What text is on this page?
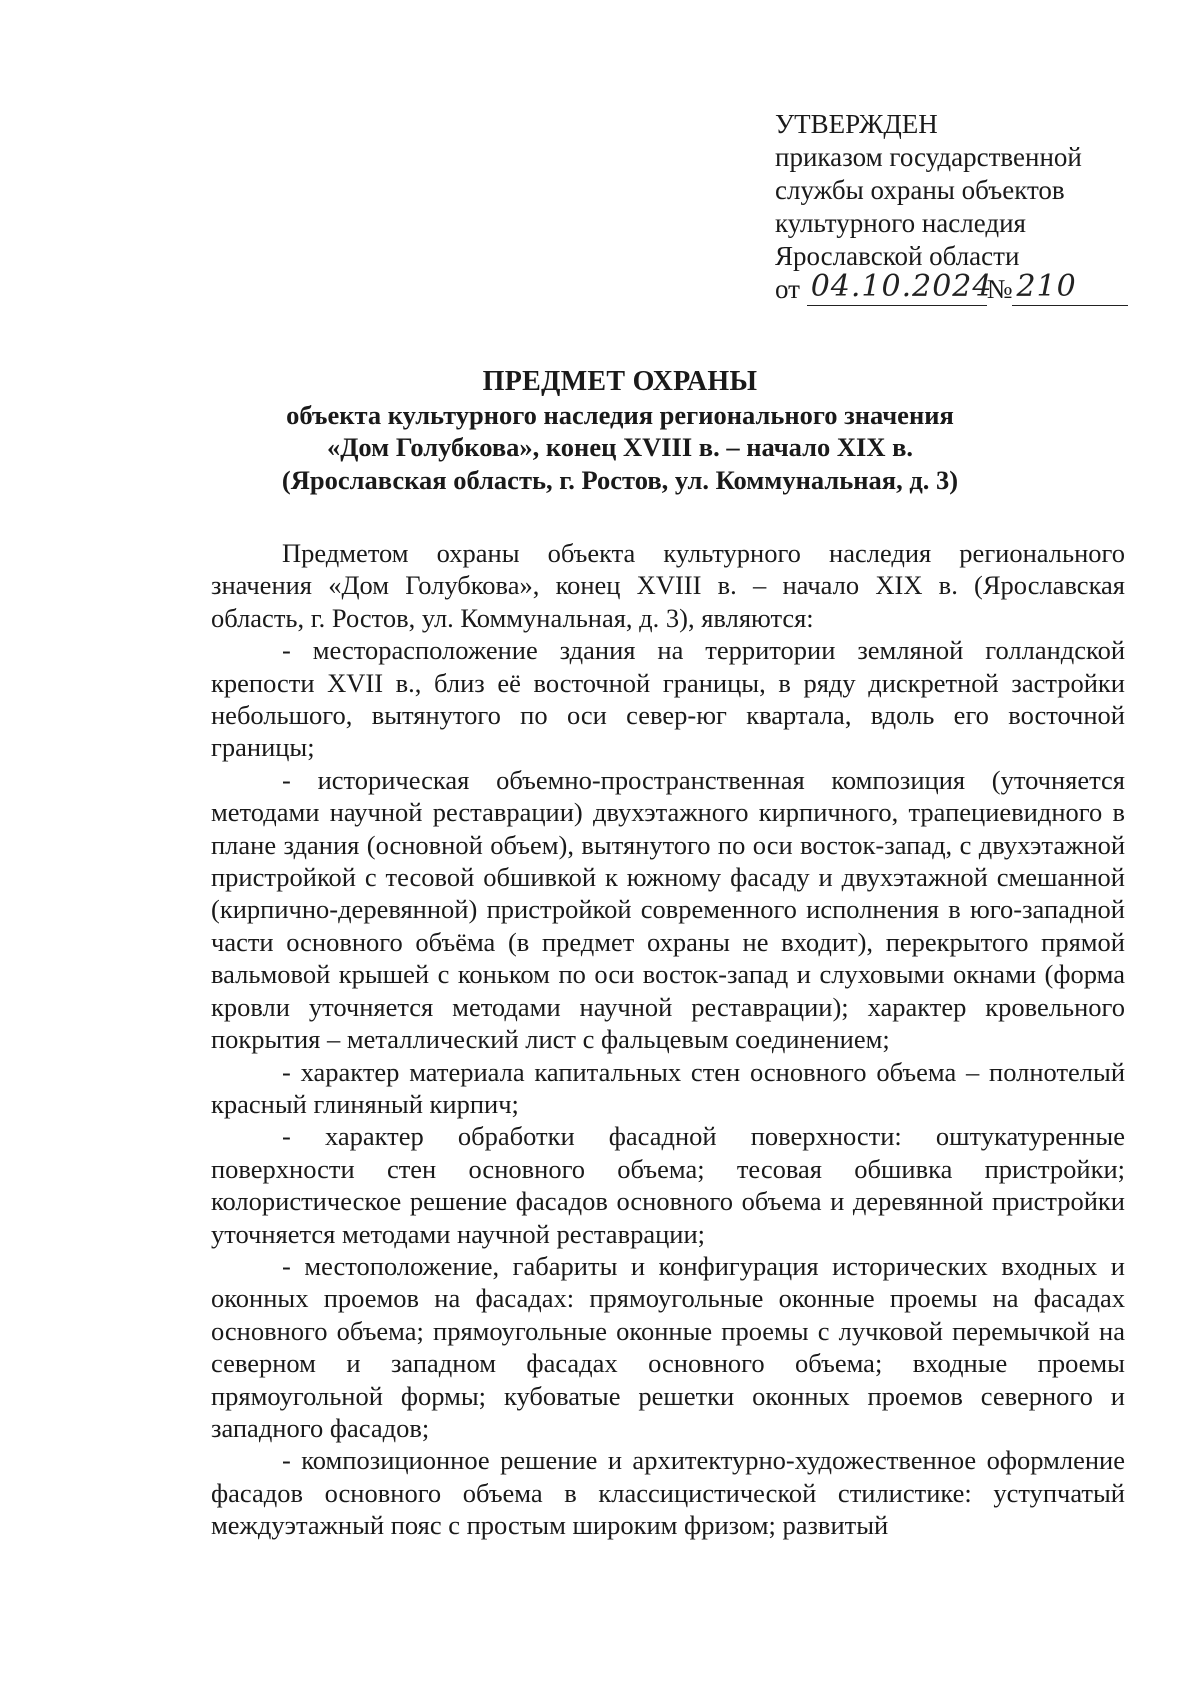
УТВЕРЖДЕН
приказом государственной
службы охраны объектов
культурного наследия
Ярославской области
от 04.10.2024
№ 210
ПРЕДМЕТ ОХРАНЫ
объекта культурного наследия регионального значения
«Дом Голубкова», конец XVIII в. – начало XIX в.
(Ярославская область, г. Ростов, ул. Коммунальная, д. 3)

Предметом охраны объекта культурного наследия регионального значения «Дом Голубкова», конец XVIII в. – начало XIX в. (Ярославская область, г. Ростов, ул. Коммунальная, д. 3), являются:

- месторасположение здания на территории земляной голландской крепости XVII в., близ её восточной границы, в ряду дискретной застройки небольшого, вытянутого по оси север-юг квартала, вдоль его восточной границы;

- историческая объемно-пространственная композиция (уточняется методами научной реставрации) двухэтажного кирпичного, трапециевидного в плане здания (основной объем), вытянутого по оси восток-запад, с двухэтажной пристройкой с тесовой обшивкой к южному фасаду и двухэтажной смешанной (кирпично-деревянной) пристройкой современного исполнения в юго-западной части основного объёма (в предмет охраны не входит), перекрытого прямой вальмовой крышей с коньком по оси восток-запад и слуховыми окнами (форма кровли уточняется методами научной реставрации); характер кровельного покрытия – металлический лист с фальцевым соединением;

- характер материала капитальных стен основного объема – полнотелый красный глиняный кирпич;

- характер обработки фасадной поверхности: оштукатуренные поверхности стен основного объема; тесовая обшивка пристройки; колористическое решение фасадов основного объема и деревянной пристройки уточняется методами научной реставрации;

- местоположение, габариты и конфигурация исторических входных и оконных проемов на фасадах: прямоугольные оконные проемы на фасадах основного объема; прямоугольные оконные проемы с лучковой перемычкой на северном и западном фасадах основного объема; входные проемы прямоугольной формы; кубоватые решетки оконных проемов северного и западного фасадов;

- композиционное решение и архитектурно-художественное оформление фасадов основного объема в классицистической стилистике: уступчатый междуэтажный пояс с простым широким фризом; развитый
